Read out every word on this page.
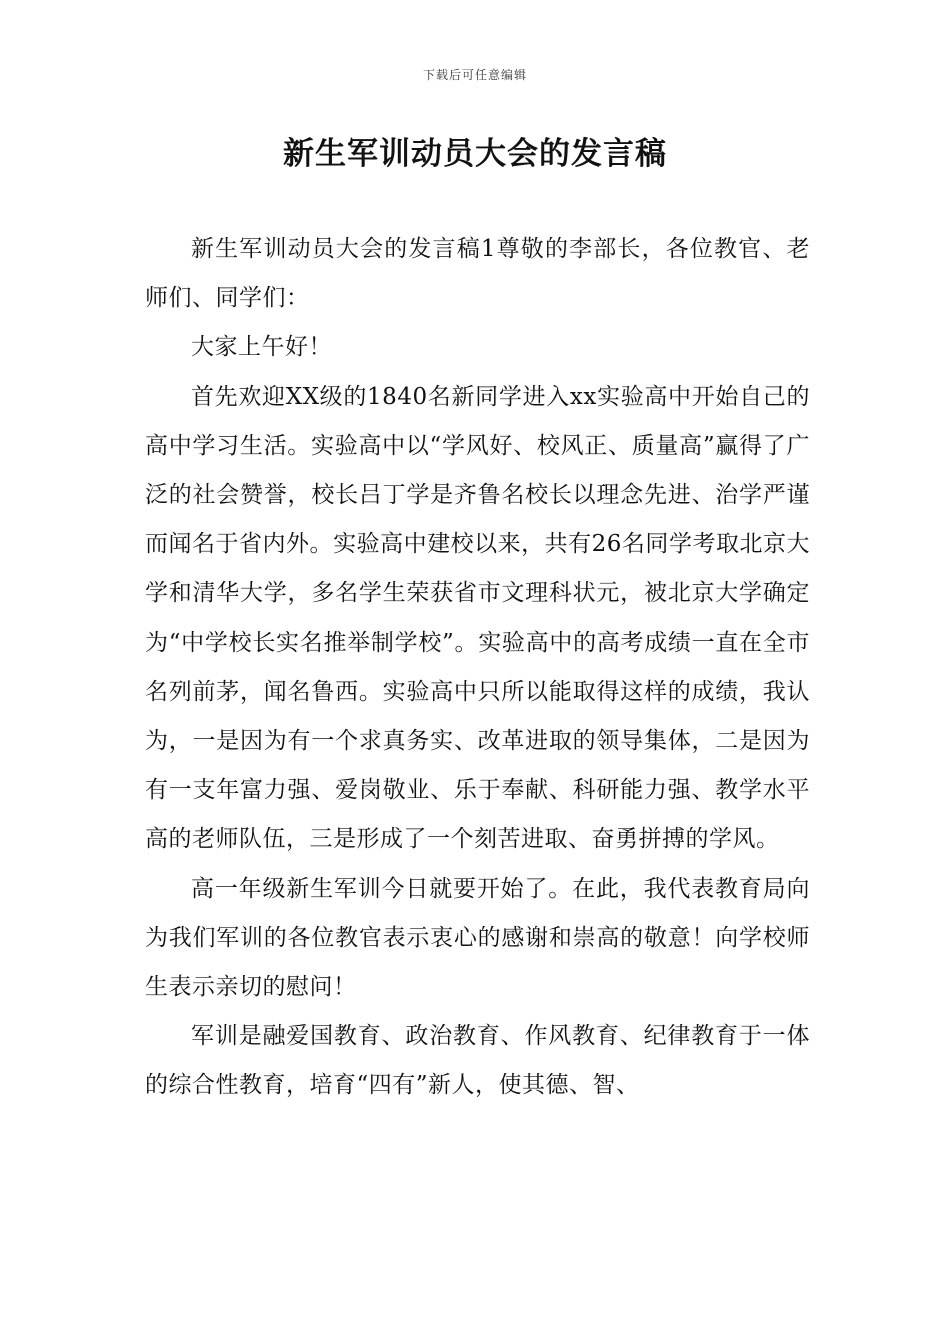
下载后可任意编辑
新生军训动员大会的发言稿

新生军训动员大会的发言稿1尊敬的李部长，各位教官、老师们、同学们：

大家上午好！

首先欢迎XX级的1840名新同学进入xx实验高中开始自己的高中学习生活。实验高中以“学风好、校风正、质量高”赢得了广泛的社会赞誉，校长吕丁学是齐鲁名校长以理念先进、治学严谨而闻名于省内外。实验高中建校以来，共有26名同学考取北京大学和清华大学，多名学生荣获省市文理科状元，被北京大学确定为“中学校长实名推举制学校”。实验高中的高考成绩一直在全市名列前茅，闻名鲁西。实验高中只所以能取得这样的成绩，我认为，一是因为有一个求真务实、改革进取的领导集体，二是因为有一支年富力强、爱岗敬业、乐于奉献、科研能力强、教学水平高的老师队伍，三是形成了一个刻苦进取、奋勇拼搏的学风。

高一年级新生军训今日就要开始了。在此，我代表教育局向为我们军训的各位教官表示衷心的感谢和崇高的敬意！向学校师生表示亲切的慰问！

军训是融爱国教育、政治教育、作风教育、纪律教育于一体的综合性教育，培育“四有”新人，使其德、智、
